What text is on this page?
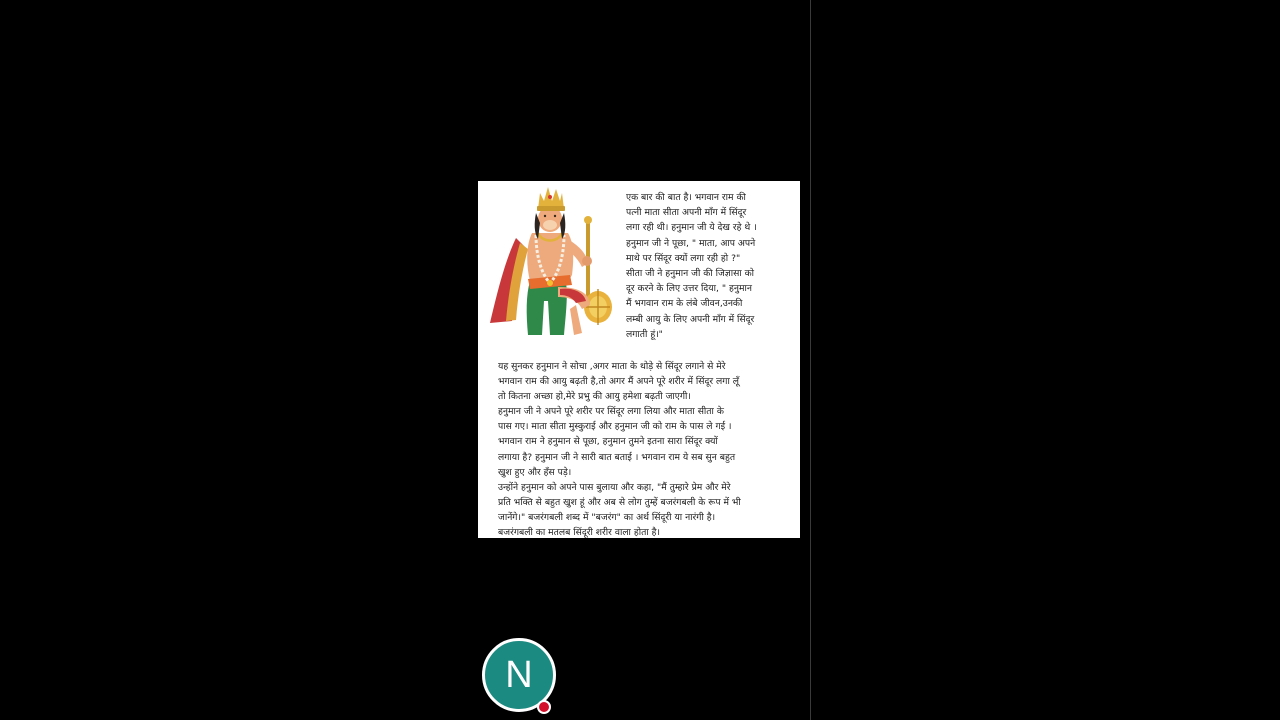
एक बार की बात है। भगवान राम की
पत्नी माता सीता अपनी माँग में सिंदूर
लगा रही थी। हनुमान जी ये देख रहे थे ।
हनुमान जी ने पूछा, " माता, आप अपने
माथे पर सिंदूर क्यों लगा रही हो ?"
सीता जी ने हनुमान जी की जिज्ञासा को
दूर करने के लिए उत्तर दिया, " हनुमान
मैं भगवान राम के लंबे जीवन,उनकी
लम्बी आयु के लिए अपनी माँग में सिंदूर
लगाती हूं।"
यह सुनकर हनुमान ने सोचा ,अगर माता के थोड़े से सिंदूर लगाने से मेरे
भगवान राम की आयु बढ़ती है,तो अगर मैं अपने पूरे शरीर में सिंदूर लगा लूँ
तो कितना अच्छा हो,मेरे प्रभु की आयु हमेशा बढ़ती जाएगी।
हनुमान जी ने अपने पूरे शरीर पर सिंदूर लगा लिया और माता सीता के
पास गए। माता सीता मुस्कुराई और हनुमान जी को राम के पास ले गई ।
भगवान राम ने हनुमान से पूछा, हनुमान तुमने इतना सारा सिंदूर क्यों
लगाया है? हनुमान जी ने सारी बात बताई । भगवान राम ये सब सुन बहुत
खुश हुए और हँस पड़े।
उन्होंने हनुमान को अपने पास बुलाया और कहा, "मैं तुम्हारे प्रेम और मेरे
प्रति भक्ति से बहुत खुश हूं और अब से लोग तुम्हें बजरंगबली के रूप में भी
जानेंगे।" बजरंगबली शब्द में "बजरंग" का अर्थ सिंदूरी या नारंगी है।
बजरंगबली का मतलब सिंदूरी शरीर वाला होता है।
N
